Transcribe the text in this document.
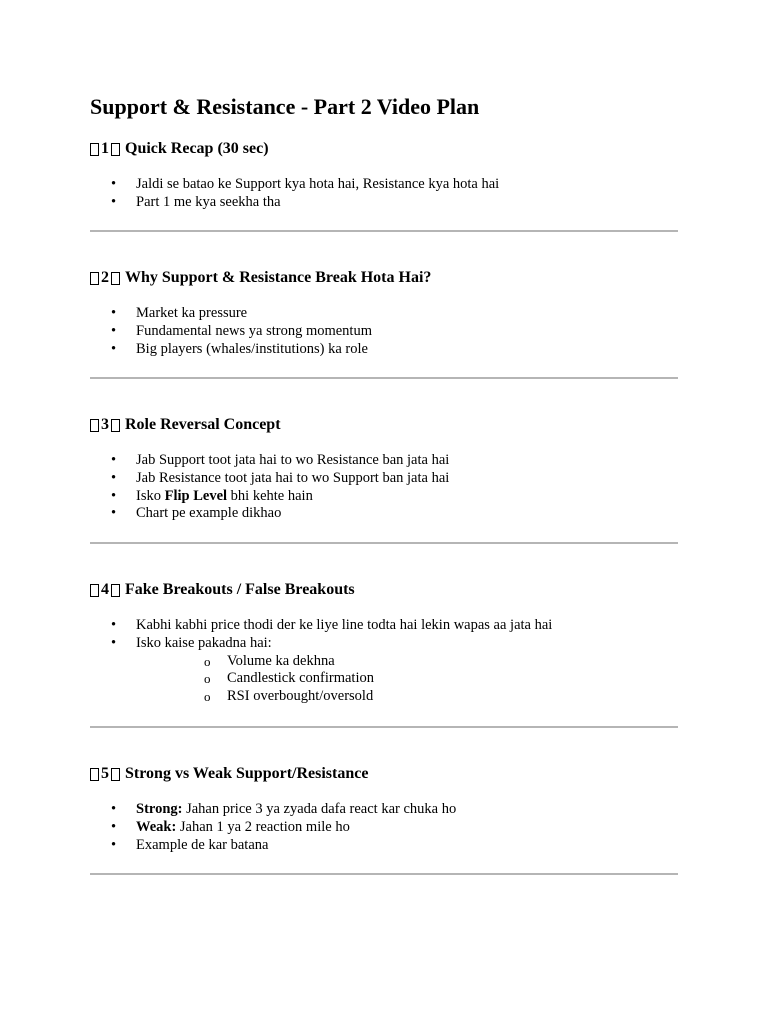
Support & Resistance - Part 2 Video Plan
1 Quick Recap (30 sec)
• Jaldi se batao ke Support kya hota hai, Resistance kya hota hai
• Part 1 me kya seekha tha
2 Why Support & Resistance Break Hota Hai?
• Market ka pressure
• Fundamental news ya strong momentum
• Big players (whales/institutions) ka role
3 Role Reversal Concept
• Jab Support toot jata hai to wo Resistance ban jata hai
• Jab Resistance toot jata hai to wo Support ban jata hai
• Isko Flip Level bhi kehte hain
• Chart pe example dikhao
4 Fake Breakouts / False Breakouts
• Kabhi kabhi price thodi der ke liye line todta hai lekin wapas aa jata hai
• Isko kaise pakadna hai:
o Volume ka dekhna
o Candlestick confirmation
o RSI overbought/oversold
5 Strong vs Weak Support/Resistance
• Strong: Jahan price 3 ya zyada dafa react kar chuka ho
• Weak: Jahan 1 ya 2 reaction mile ho
• Example de kar batana
